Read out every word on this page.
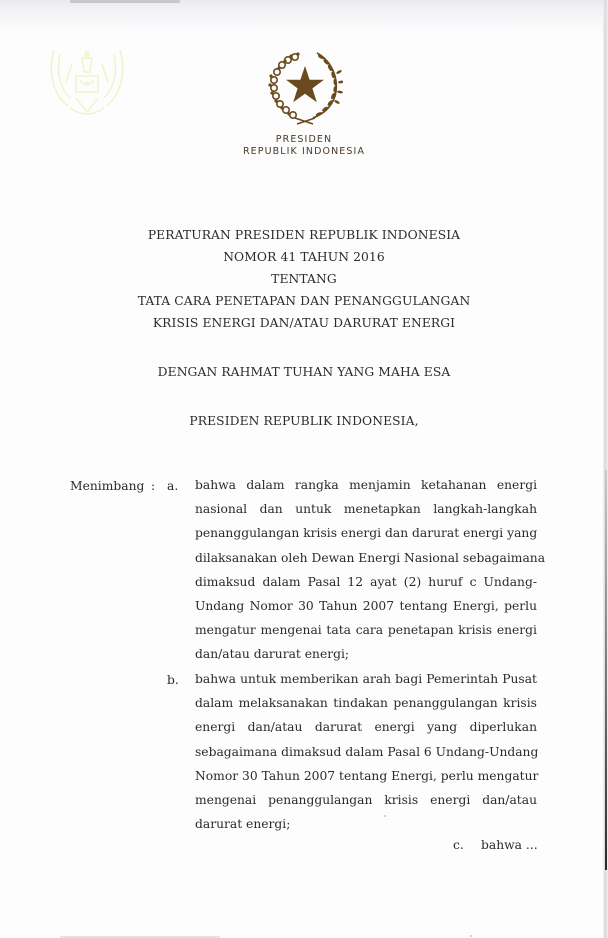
PRESIDEN
REPUBLIK INDONESIA
PERATURAN PRESIDEN REPUBLIK INDONESIA
NOMOR 41 TAHUN 2016
TENTANG
TATA CARA PENETAPAN DAN PENANGGULANGAN
KRISIS ENERGI DAN/ATAU DARURAT ENERGI
DENGAN RAHMAT TUHAN YANG MAHA ESA
PRESIDEN REPUBLIK INDONESIA,
Menimbang : a. bahwa dalam rangka menjamin ketahanan energi
nasional dan untuk menetapkan langkah-langkah
penanggulangan krisis energi dan darurat energi yang
dilaksanakan oleh Dewan Energi Nasional sebagaimana
dimaksud dalam Pasal 12 ayat (2) huruf c Undang-
Undang Nomor 30 Tahun 2007 tentang Energi, perlu
mengatur mengenai tata cara penetapan krisis energi
dan/atau darurat energi;
b. bahwa untuk memberikan arah bagi Pemerintah Pusat
dalam melaksanakan tindakan penanggulangan krisis
energi dan/atau darurat energi yang diperlukan
sebagaimana dimaksud dalam Pasal 6 Undang-Undang
Nomor 30 Tahun 2007 tentang Energi, perlu mengatur
mengenai penanggulangan krisis energi dan/atau
darurat energi;
c. bahwa ...
